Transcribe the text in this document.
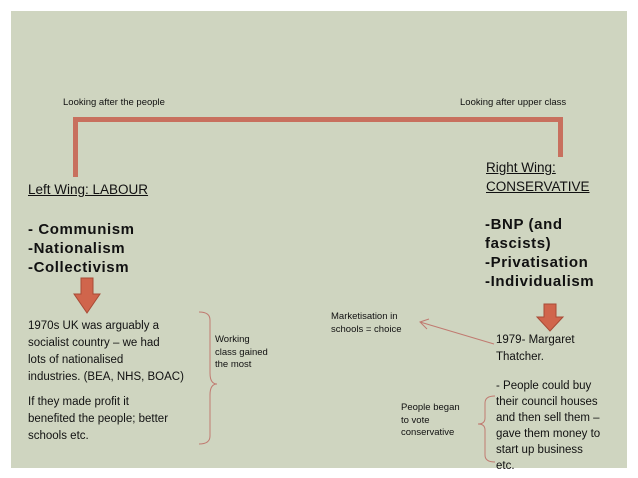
Looking after the people	Looking after upper class

Left Wing: LABOUR

- Communism

-Nationalism

-Collectivism

1970s UK was arguably a

socialist country – we had

lots of nationalised

industries. (BEA, NHS, BOAC)

If they made profit it

benefited the people; better

schools etc.

Working

class gained

the most

Marketisation in

schools = choice

Right Wing:

CONSERVATIVE

-BNP (and

fascists)

-Privatisation

-Individualism

1979- Margaret

Thatcher.

- People could buy

their council houses

and then sell them –

gave them money to

start up business

etc.

People began

to vote

conservative
